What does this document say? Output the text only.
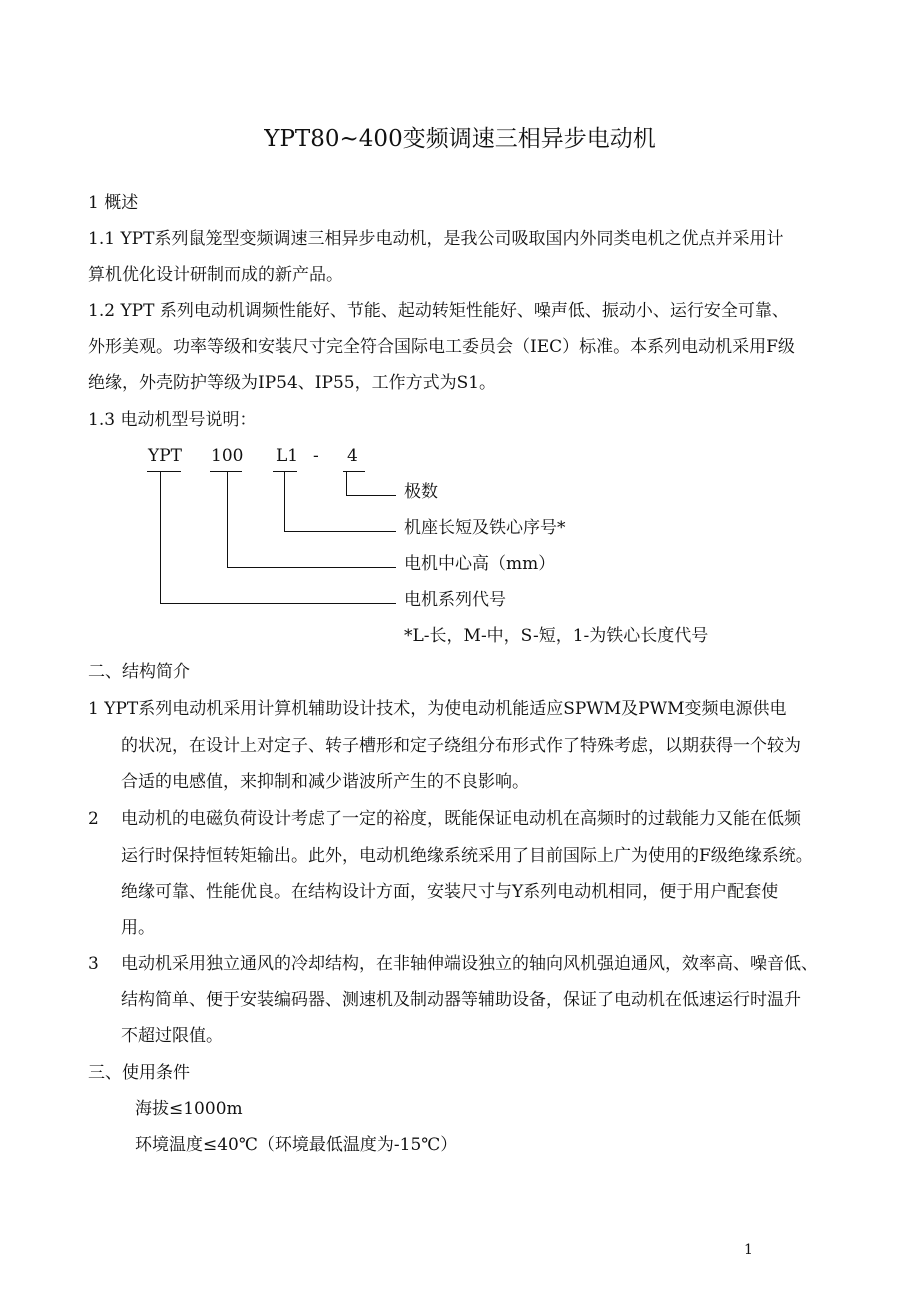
YPT80~400变频调速三相异步电动机
1 概述
1.1 YPT系列鼠笼型变频调速三相异步电动机，是我公司吸取国内外同类电机之优点并采用计
算机优化设计研制而成的新产品。
1.2 YPT 系列电动机调频性能好、节能、起动转矩性能好、噪声低、振动小、运行安全可靠、
外形美观。功率等级和安装尺寸完全符合国际电工委员会（IEC）标准。本系列电动机采用F级
绝缘，外壳防护等级为IP54、IP55，工作方式为S1。
1.3 电动机型号说明：
YPT 100 L1 - 4
极数
机座长短及铁心序号*
电机中心高（mm）
电机系列代号
*L-长，M-中，S-短，1-为铁心长度代号
二、结构简介
1 YPT系列电动机采用计算机辅助设计技术，为使电动机能适应SPWM及PWM变频电源供电
的状况，在设计上对定子、转子槽形和定子绕组分布形式作了特殊考虑，以期获得一个较为
合适的电感值，来抑制和减少谐波所产生的不良影响。
2 电动机的电磁负荷设计考虑了一定的裕度，既能保证电动机在高频时的过载能力又能在低频
运行时保持恒转矩输出。此外，电动机绝缘系统采用了目前国际上广为使用的F级绝缘系统。
绝缘可靠、性能优良。在结构设计方面，安装尺寸与Y系列电动机相同，便于用户配套使
用。
3 电动机采用独立通风的冷却结构，在非轴伸端设独立的轴向风机强迫通风，效率高、噪音低、
结构简单、便于安装编码器、测速机及制动器等辅助设备，保证了电动机在低速运行时温升
不超过限值。
三、使用条件
海拔≤1000m
环境温度≤40℃（环境最低温度为-15℃）
1
